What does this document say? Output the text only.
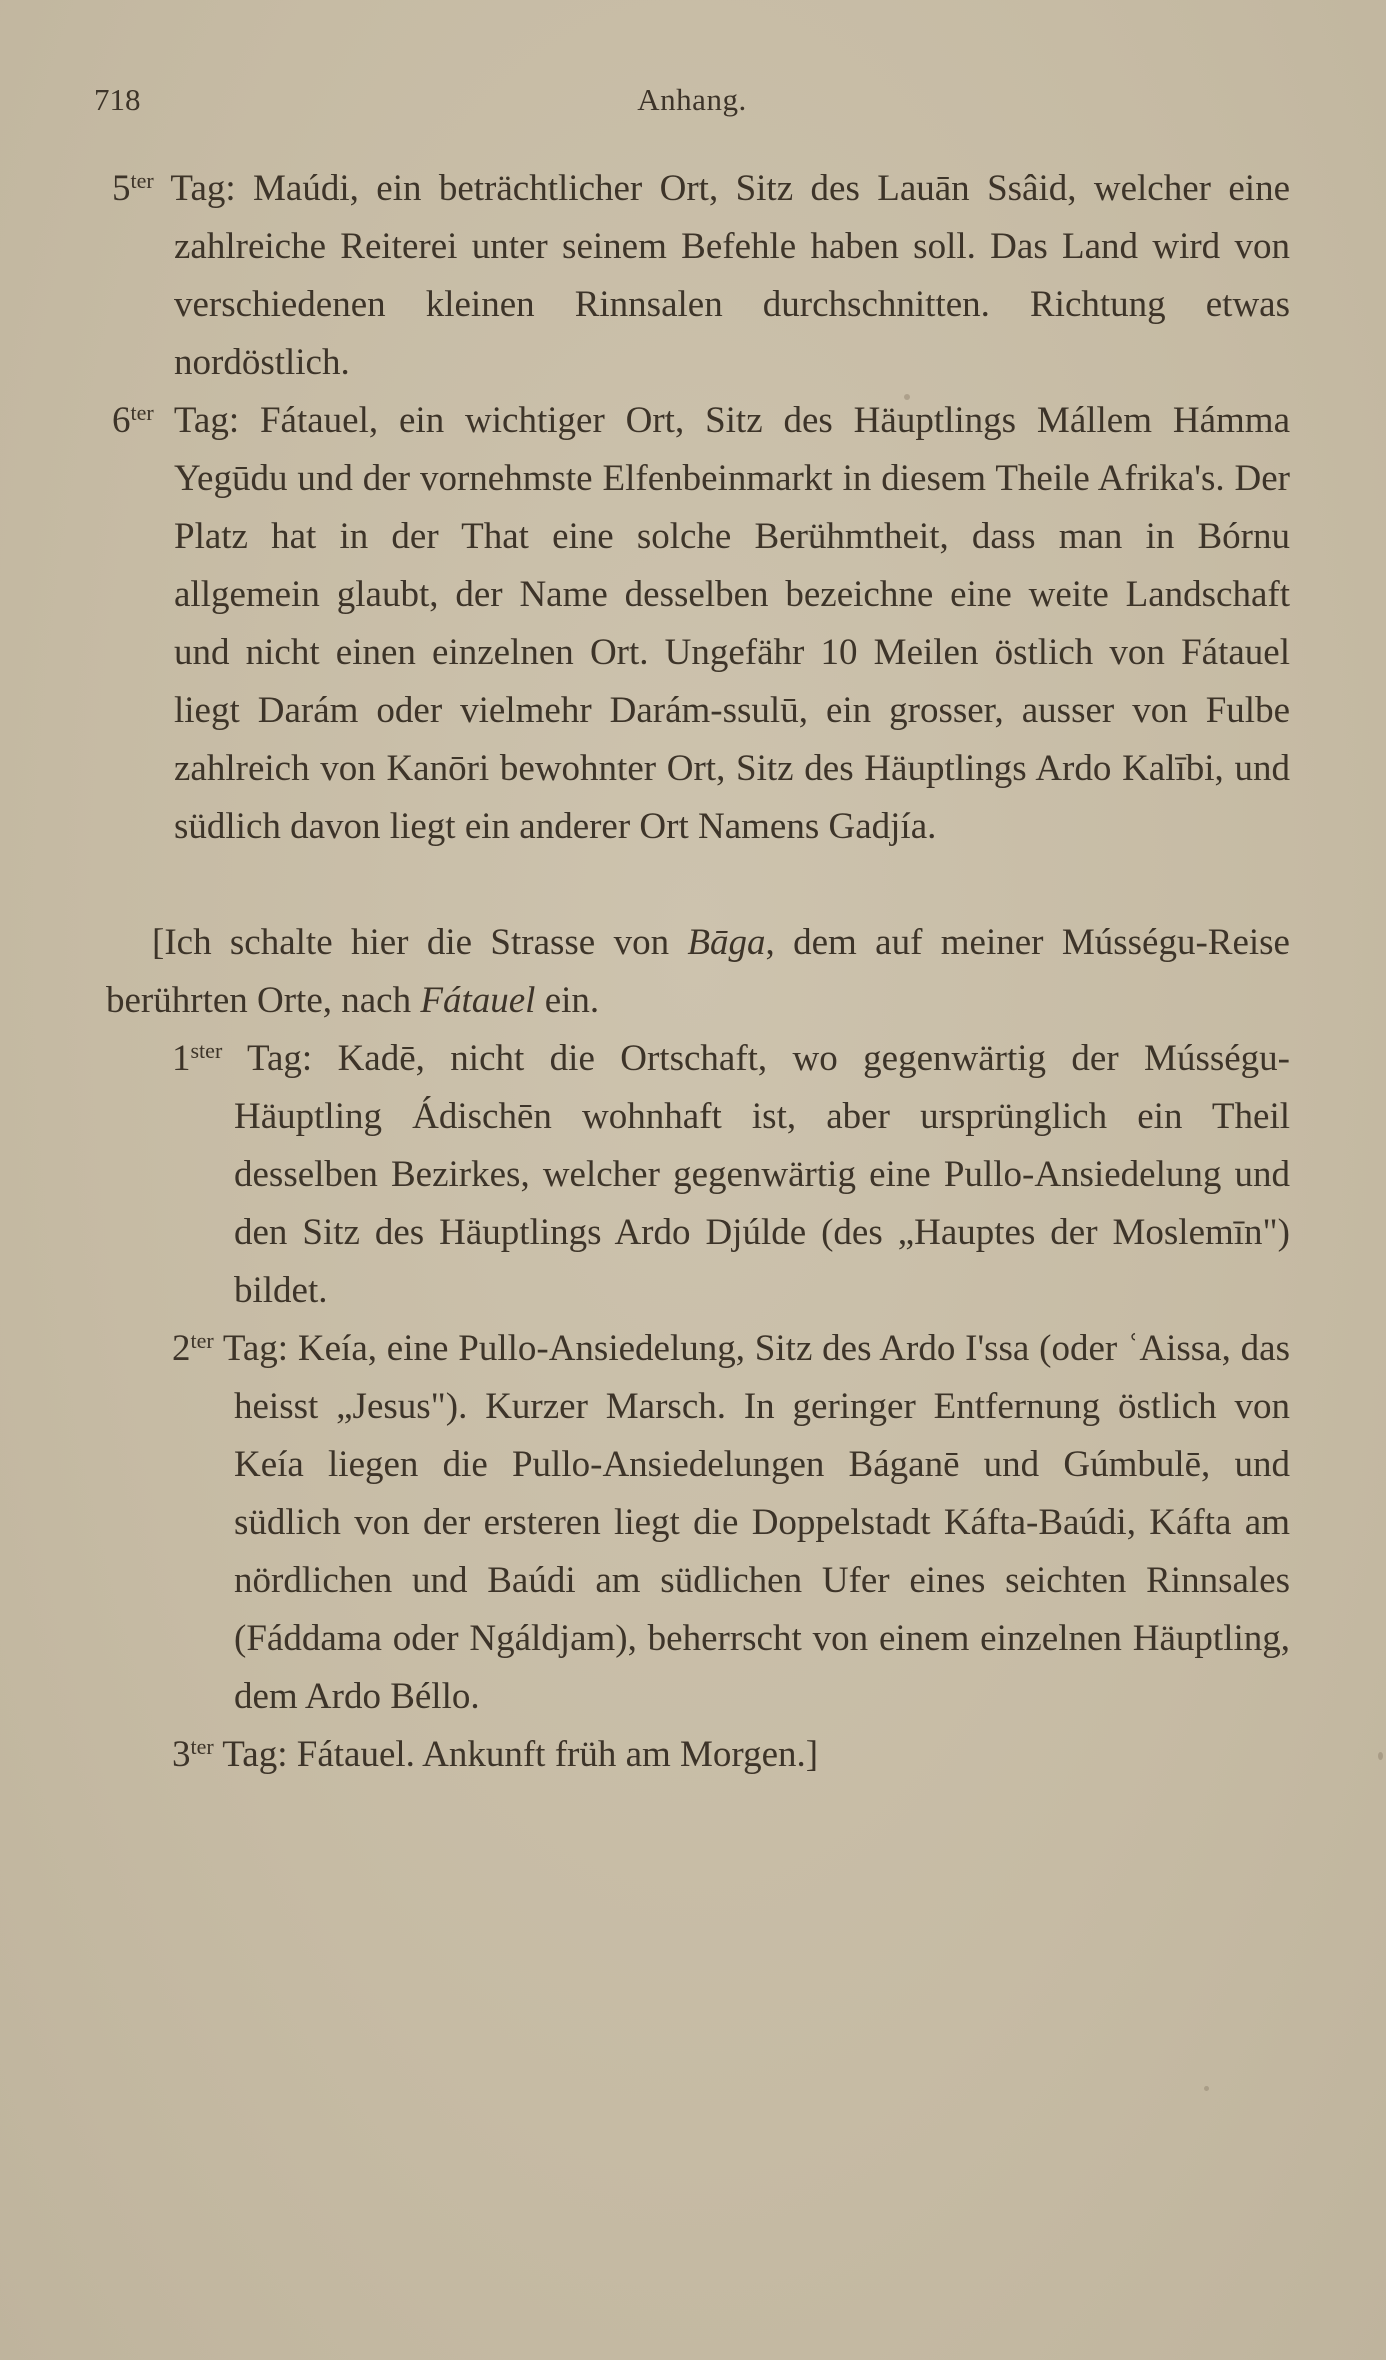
718	Anhang.

$5^{ter}$ Tag: Maúdi, ein beträchtlicher Ort, Sitz des Lauān Ssâid, welcher eine zahlreiche Reiterei unter seinem Befehle haben soll. Das Land wird von verschiedenen kleinen Rinnsalen durchschnitten. Richtung etwas nordöstlich.

$6^{ter}$ Tag: Fátauel, ein wichtiger Ort, Sitz des Häuptlings Mállem Hámma Yegūdu und der vornehmste Elfenbeinmarkt in diesem Theile Afrika's. Der Platz hat in der That eine solche Berühmtheit, dass man in Bórnu allgemein glaubt, der Name desselben bezeichne eine weite Landschaft und nicht einen einzelnen Ort. Ungefähr 10 Meilen östlich von Fátauel liegt Darám oder vielmehr Darám-ssulū, ein grosser, ausser von Fulbe zahlreich von Kanōri bewohnter Ort, Sitz des Häuptlings Ardo Kalībi, und südlich davon liegt ein anderer Ort Namens Gadjía.

[Ich schalte hier die Strasse von Bāga, dem auf meiner Músségu-Reise berührten Orte, nach Fátauel ein.

$1^{ster}$ Tag: Kadē, nicht die Ortschaft, wo gegenwärtig der Músségu-Häuptling Ádischēn wohnhaft ist, aber ursprünglich ein Theil desselben Bezirkes, welcher gegenwärtig eine Pullo-Ansiedelung und den Sitz des Häuptlings Ardo Djúlde (des „Hauptes der Moslemīn") bildet.

$2^{ter}$ Tag: Keía, eine Pullo-Ansiedelung, Sitz des Ardo I'ssa (oder ʿAissa, das heisst „Jesus"). Kurzer Marsch. In geringer Entfernung östlich von Keía liegen die Pullo-Ansiedelungen Báganē und Gúmbulē, und südlich von der ersteren liegt die Doppelstadt Káfta-Baúdi, Káfta am nördlichen und Baúdi am südlichen Ufer eines seichten Rinnsales (Fáddama oder Ngáldjam), beherrscht von einem einzelnen Häuptling, dem Ardo Béllo.

$3^{ter}$ Tag: Fátauel. Ankunft früh am Morgen.]
